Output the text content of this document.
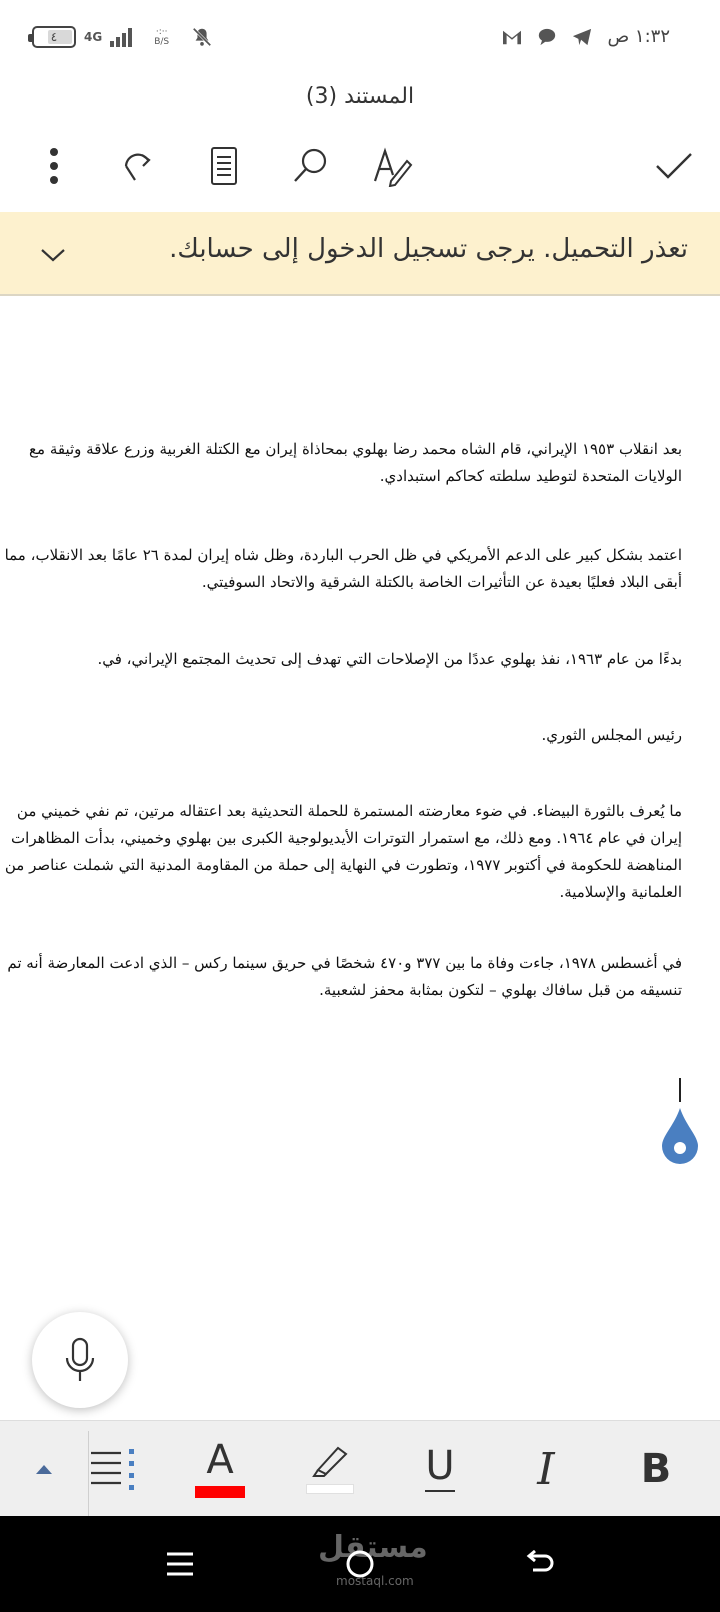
٤ 4G	·:··
B/S	١:٣٢ ص
المستند (3)
تعذر التحميل. يرجى تسجيل الدخول إلى حسابك.

بعد انقلاب ١٩٥٣ الإيراني، قام الشاه محمد رضا بهلوي بمحاذاة إيران مع الكتلة الغربية وزرع علاقة وثيقة مع الولايات المتحدة لتوطيد سلطته كحاكم استبدادي.

اعتمد بشكل كبير على الدعم الأمريكي في ظل الحرب الباردة، وظل شاه إيران لمدة ٢٦ عامًا بعد الانقلاب، مما أبقى البلاد فعليًا بعيدة عن التأثيرات الخاصة بالكتلة الشرقية والاتحاد السوفيتي.

بدءًا من عام ١٩٦٣، نفذ بهلوي عددًا من الإصلاحات التي تهدف إلى تحديث المجتمع الإيراني، في.

رئيس المجلس الثوري.

ما يُعرف بالثورة البيضاء. في ضوء معارضته المستمرة للحملة التحديثية بعد اعتقاله مرتين، تم نفي خميني من إيران في عام ١٩٦٤. ومع ذلك، مع استمرار التوترات الأيديولوجية الكبرى بين بهلوي وخميني، بدأت المظاهرات المناهضة للحكومة في أكتوبر ١٩٧٧، وتطورت في النهاية إلى حملة من المقاومة المدنية التي شملت عناصر من العلمانية والإسلامية.

في أغسطس ١٩٧٨، جاءت وفاة ما بين ٣٧٧ و٤٧٠ شخصًا في حريق سينما ركس – الذي ادعت المعارضة أنه تم تنسيقه من قبل سافاك بهلوي – لتكون بمثابة محفز لشعبية.

A	U I B
مستقل
mostaql.com
